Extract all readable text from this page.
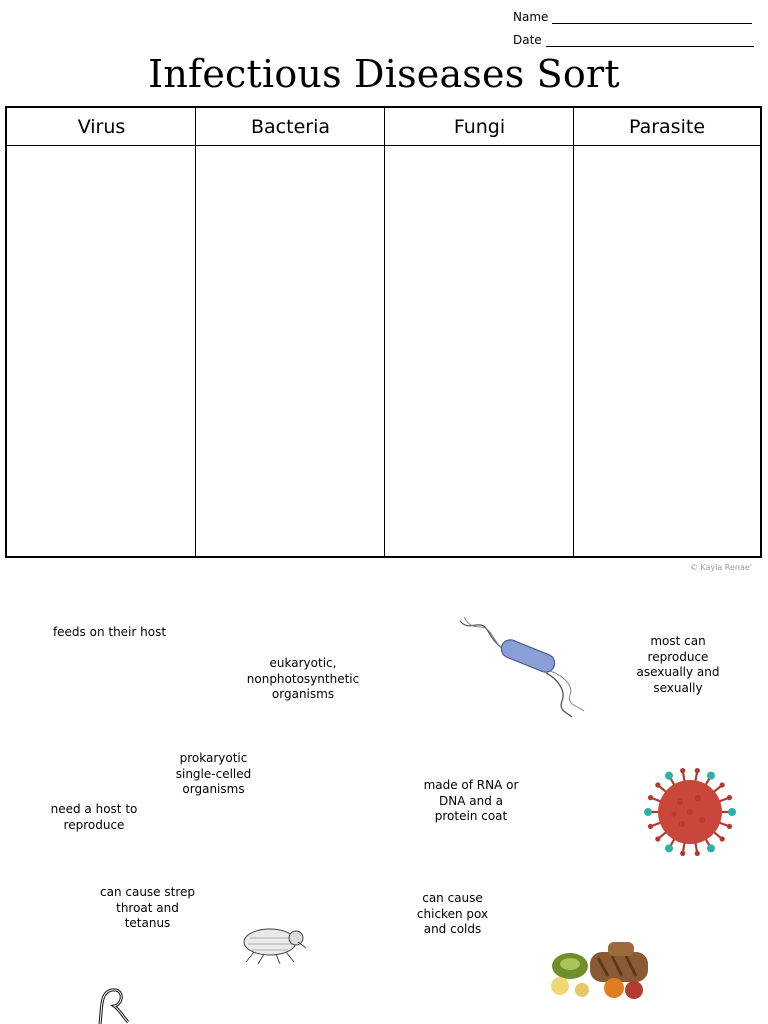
Name
Date
Infectious Diseases Sort
Virus	Bacteria	Fungi	Parasite
© Kayla Renae'
feeds on their host
eukaryotic, nonphotosynthetic organisms
most can reproduce asexually and sexually
prokaryotic single-celled organisms
need a host to reproduce
made of RNA or DNA and a protein coat
can cause strep throat and tetanus
can cause chicken pox and colds
